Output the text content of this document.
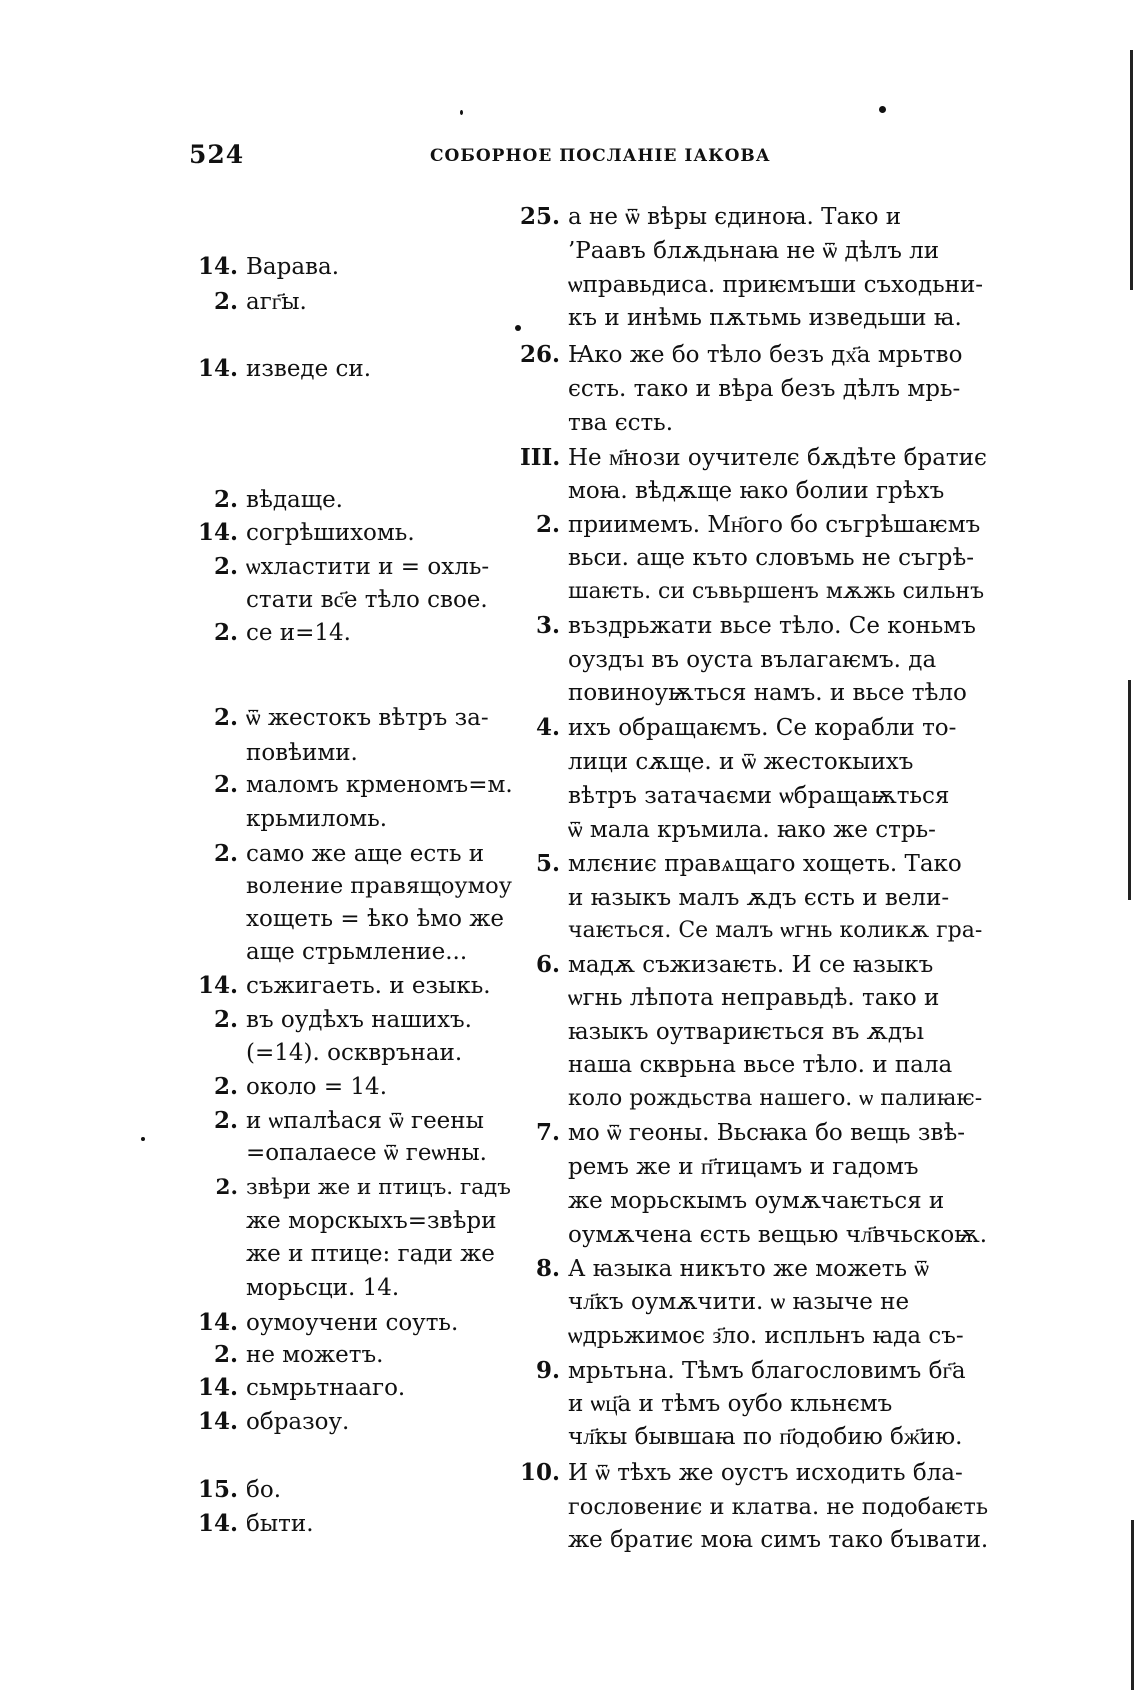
524	СОБОРНОЕ ПОСЛАНІЕ ІАКОВА
14. Варава.
2. агг҃ы.
14. изведе си.
2. вѣдаще.
14. согрѣшихомь.
2. ѡхластити и = охль-
стати вс҃е тѣло свое.
2. се и=14.
2. ѿ жестокъ вѣтръ за-
повѣими.
2. маломъ крменомъ=м.
крьмиломь.
2. само же аще есть и
воление правящоумоу
хощеть = ѣко ѣмо же
аще стрьмление...
14. съжигаеть. и езыкь.
2. въ оудѣхъ нашихъ.
(=14). оскврънаи.
2. около = 14.
2. и ѡпалѣася ѿ геены
=опалаесе ѿ геѡны.
2. звѣри же и птицъ. гадъ
же морскыхъ=звѣри
же и птице: гади же
морьсци. 14.
14. оумоучени соуть.
2. не можетъ.
14. сьмрьтнааго.
14. образоу.
15. бо.
14. быти.
25. а не ѿ вѣры єдиноꙗ. Тако и
’Раавъ блѫдьнаꙗ не ѿ дѣлъ ли
ѡправьдиса. приѥмъши съходьни-
къ и инѣмь пѫтьмь изведьши ꙗ.
26. Ꙗко же бо тѣло безъ дх҃а мрьтво
єсть. тако и вѣра безъ дѣлъ мрь-
тва єсть.
III. Не м҃нози оучителє бѫдѣте братиє
моꙗ. вѣдѫще ꙗко болии грѣхъ
2. приимемъ. Мн҃ого бо съгрѣшаѥмъ
вьси. аще къто словъмь не съгрѣ-
шаѥть. си съвьршенъ мѫжь сильнъ
3. въздрьжати вьсе тѣло. Се коньмъ
оуздъı въ оуста вълагаѥмъ. да
повиноуѭться намъ. и вьсе тѣло
4. ихъ обращаѥмъ. Се корабли то-
лици сѫще. и ѿ жестокыихъ
вѣтръ затачаєми ѡбращаѭться
ѿ мала кръмила. ꙗко же стрь-
5. млєниє правѧщаго хощеть. Тако
и ꙗзыкъ малъ ѫдъ єсть и вели-
чаѥться. Се малъ ѡгнь коликѫ гра-
6. мадѫ съжизаѥть. И се ꙗзыкъ
ѡгнь лѣпота неправьдѣ. тако и
ꙗзыкъ оутвариѥться въ ѫдъı
наша скврьна вьсе тѣло. и пала
коло рождьства нашего. ѡ палиꙗѥ-
7. мо ѿ геоны. Вьсꙗка бо вещь звѣ-
ремъ же и п҃тицамъ и гадомъ
же морьскымъ оумѫчаѥться и
оумѫчена єсть вещью чл҃вчьскоѭ.
8. А ꙗзыка никъто же можеть ѿ
чл҃къ оумѫчити. ѡ ꙗзыче не
ѡдрьжимоє з҃ло. испльнъ ꙗда съ-
9. мрьтьна. Тѣмъ благословимъ бг҃а
и ѡц҃а и тѣмъ оубо кльнємъ
чл҃кы бывшаꙗ по п҃одобию бж҃ию.
10. И ѿ тѣхъ же оустъ исходить бла-
гословениє и клатва. не подобаѥть
же братиє моꙗ симъ тако бъıвати.
